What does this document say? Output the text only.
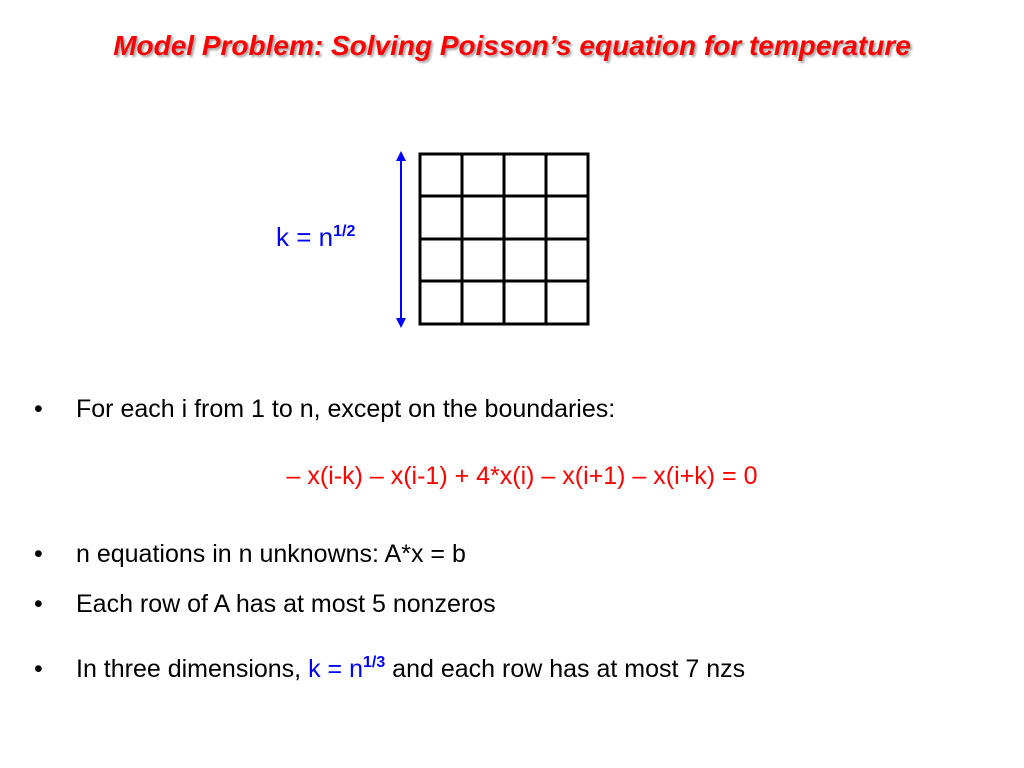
Model Problem: Solving Poisson’s equation for temperature
$k = n^{1/2}$
• For each i from 1 to n, except on the boundaries:
– x(i-k) – x(i-1) + 4*x(i) – x(i+1) – x(i+k) = 0
• n equations in n unknowns: A*x = b
• Each row of A has at most 5 nonzeros
• In three dimensions, $k = n^{1/3}$ and each row has at most 7 nzs
